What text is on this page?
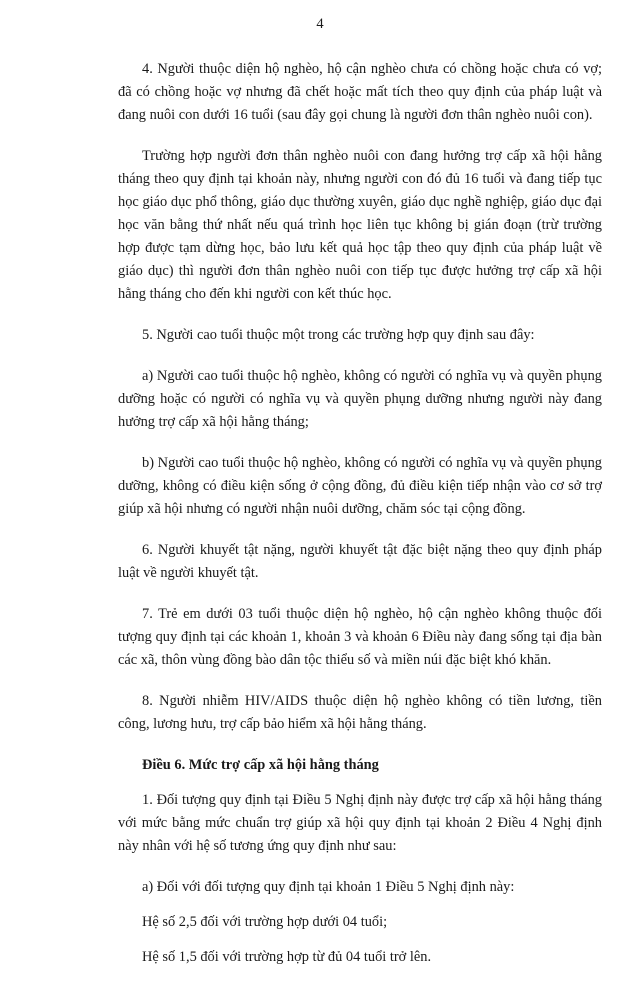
4

4. Người thuộc diện hộ nghèo, hộ cận nghèo chưa có chồng hoặc chưa có vợ; đã có chồng hoặc vợ nhưng đã chết hoặc mất tích theo quy định của pháp luật và đang nuôi con dưới 16 tuổi (sau đây gọi chung là người đơn thân nghèo nuôi con).

Trường hợp người đơn thân nghèo nuôi con đang hưởng trợ cấp xã hội hằng tháng theo quy định tại khoản này, nhưng người con đó đủ 16 tuổi và đang tiếp tục học giáo dục phổ thông, giáo dục thường xuyên, giáo dục nghề nghiệp, giáo dục đại học văn bằng thứ nhất nếu quá trình học liên tục không bị gián đoạn (trừ trường hợp được tạm dừng học, bảo lưu kết quả học tập theo quy định của pháp luật về giáo dục) thì người đơn thân nghèo nuôi con tiếp tục được hưởng trợ cấp xã hội hằng tháng cho đến khi người con kết thúc học.

5. Người cao tuổi thuộc một trong các trường hợp quy định sau đây:

a) Người cao tuổi thuộc hộ nghèo, không có người có nghĩa vụ và quyền phụng dưỡng hoặc có người có nghĩa vụ và quyền phụng dưỡng nhưng người này đang hưởng trợ cấp xã hội hằng tháng;

b) Người cao tuổi thuộc hộ nghèo, không có người có nghĩa vụ và quyền phụng dưỡng, không có điều kiện sống ở cộng đồng, đủ điều kiện tiếp nhận vào cơ sở trợ giúp xã hội nhưng có người nhận nuôi dưỡng, chăm sóc tại cộng đồng.

6. Người khuyết tật nặng, người khuyết tật đặc biệt nặng theo quy định pháp luật về người khuyết tật.

7. Trẻ em dưới 03 tuổi thuộc diện hộ nghèo, hộ cận nghèo không thuộc đối tượng quy định tại các khoản 1, khoản 3 và khoản 6 Điều này đang sống tại địa bàn các xã, thôn vùng đồng bào dân tộc thiểu số và miền núi đặc biệt khó khăn.

8. Người nhiễm HIV/AIDS thuộc diện hộ nghèo không có tiền lương, tiền công, lương hưu, trợ cấp bảo hiểm xã hội hằng tháng.

Điều 6. Mức trợ cấp xã hội hằng tháng

1. Đối tượng quy định tại Điều 5 Nghị định này được trợ cấp xã hội hằng tháng với mức bằng mức chuẩn trợ giúp xã hội quy định tại khoản 2 Điều 4 Nghị định này nhân với hệ số tương ứng quy định như sau:

a) Đối với đối tượng quy định tại khoản 1 Điều 5 Nghị định này:

Hệ số 2,5 đối với trường hợp dưới 04 tuổi;

Hệ số 1,5 đối với trường hợp từ đủ 04 tuổi trở lên.
